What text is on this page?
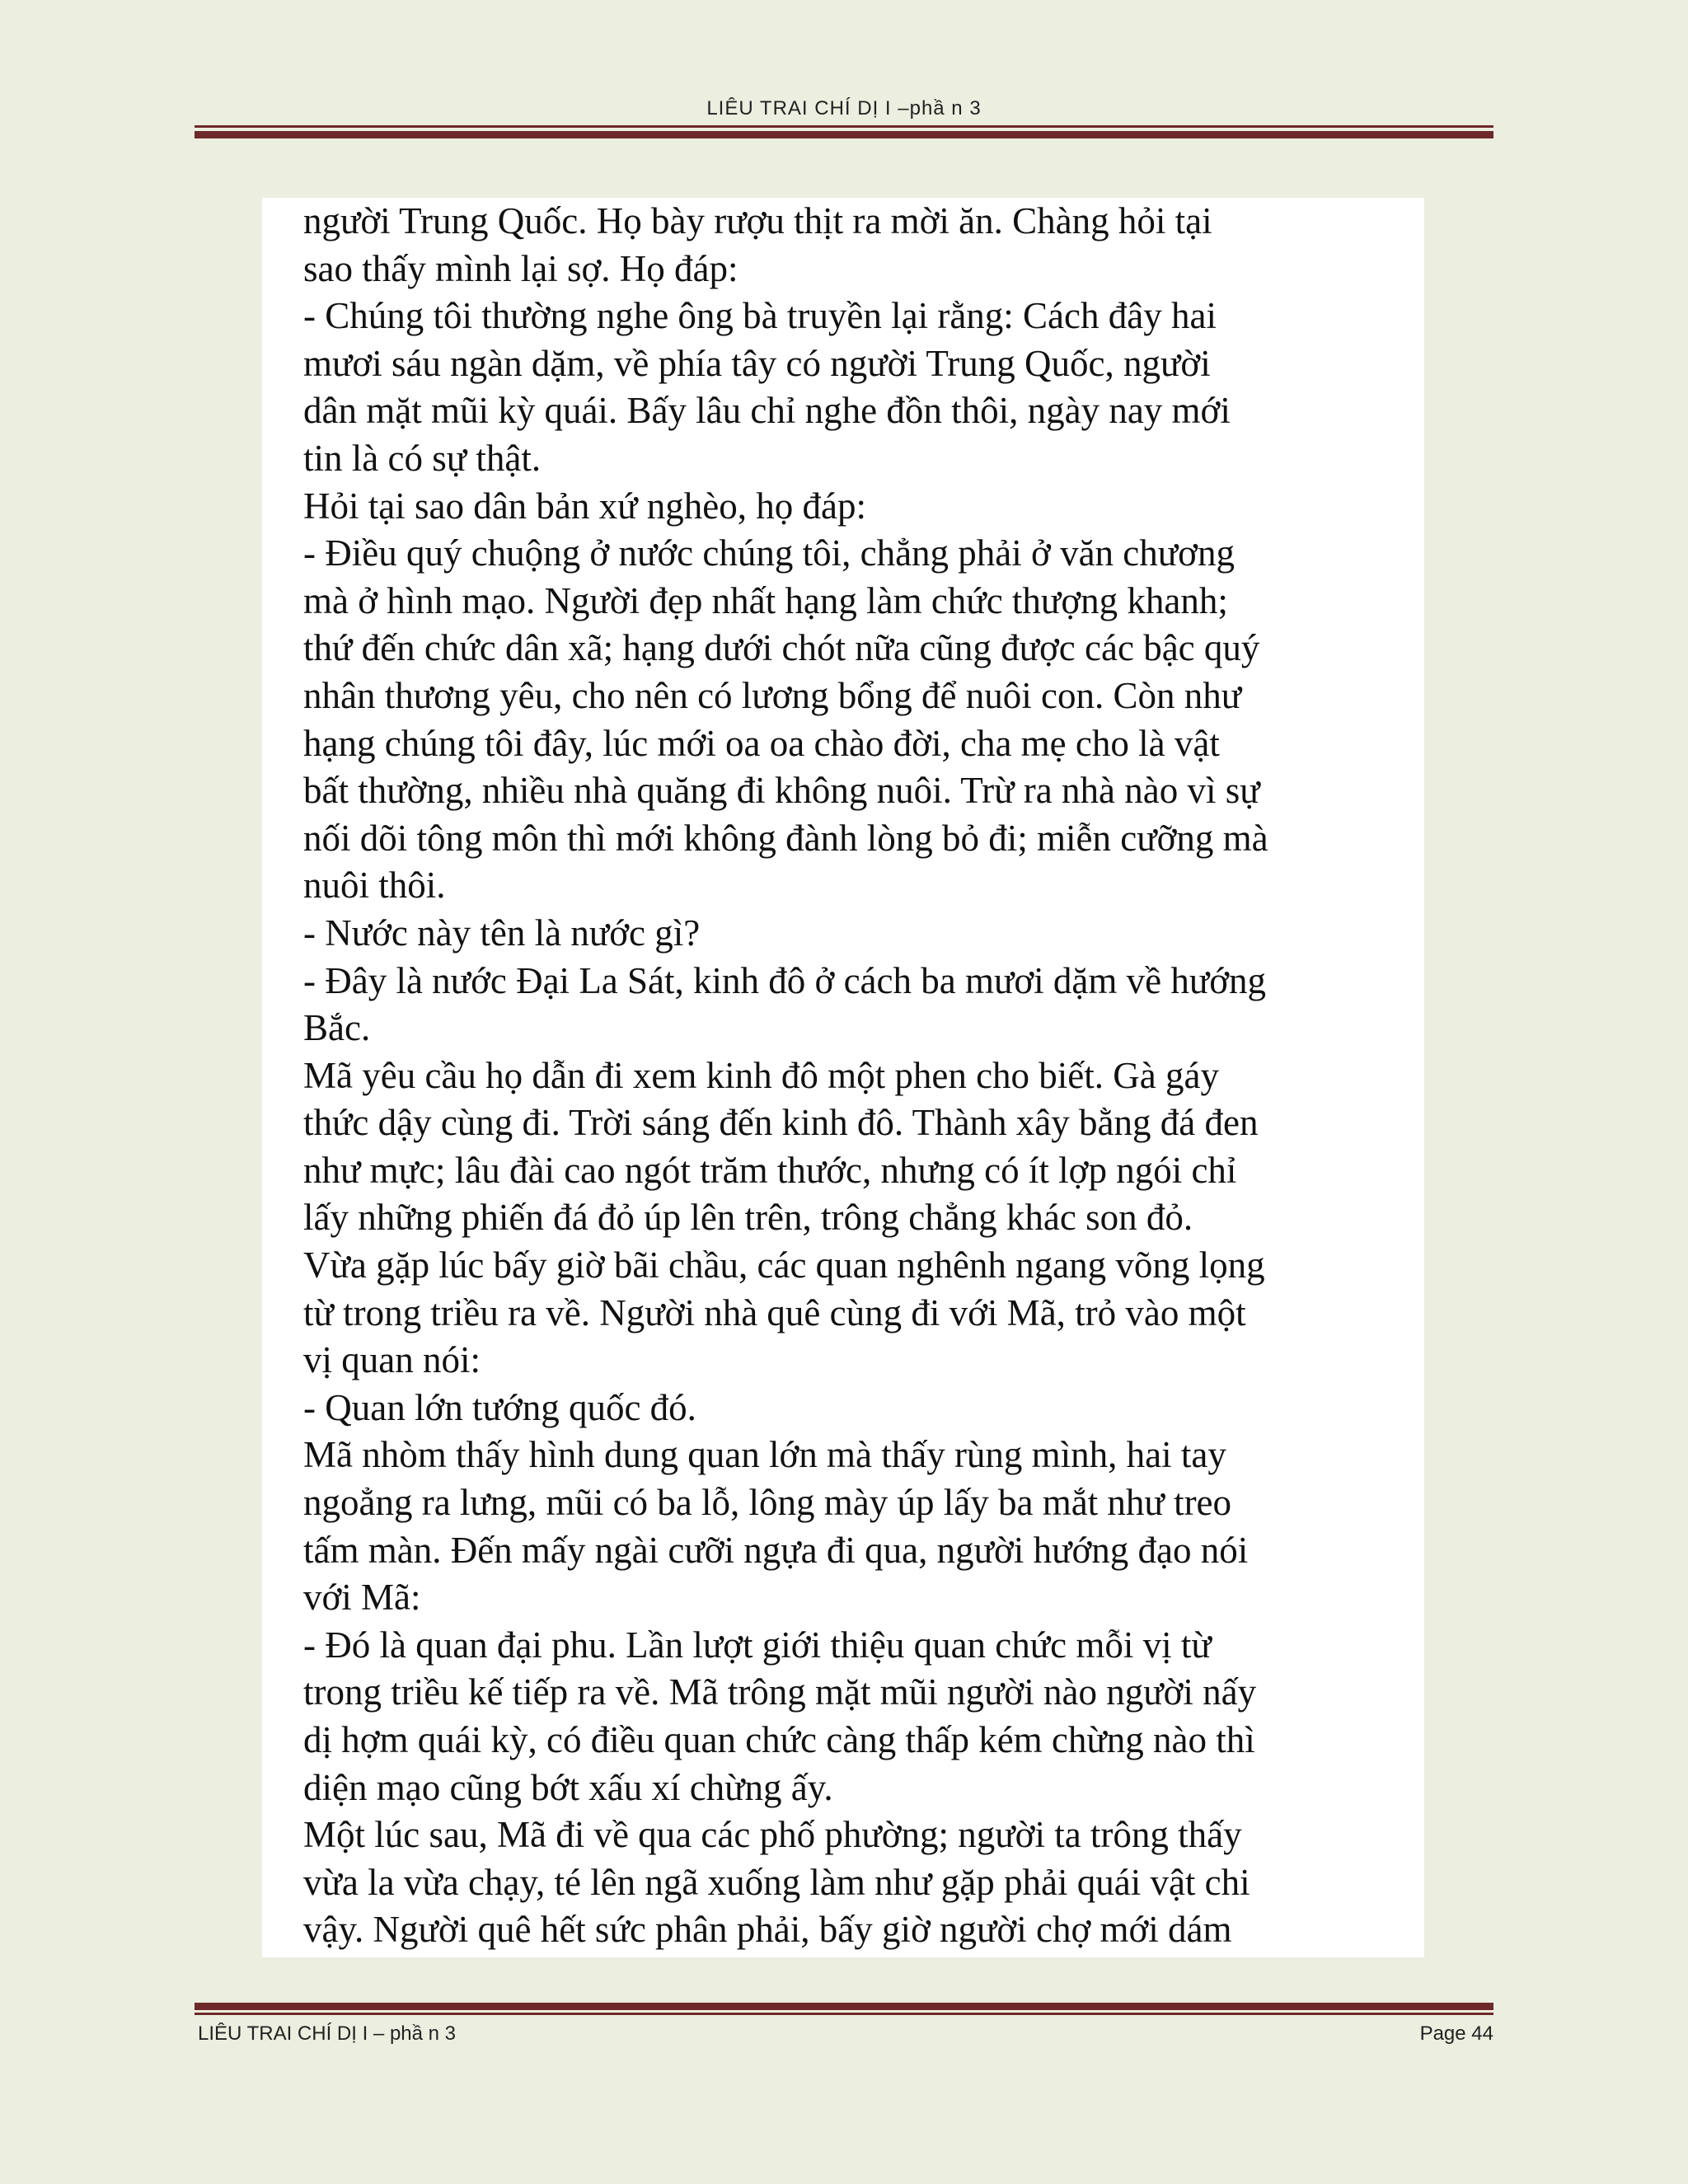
LIÊU TRAI CHÍ DỊ I –phầ n 3
người Trung Quốc. Họ bày rượu thịt ra mời ăn. Chàng hỏi tại
sao thấy mình lại sợ. Họ đáp:
- Chúng tôi thường nghe ông bà truyền lại rằng: Cách đây hai
mươi sáu ngàn dặm, về phía tây có người Trung Quốc, người
dân mặt mũi kỳ quái. Bấy lâu chỉ nghe đồn thôi, ngày nay mới
tin là có sự thật.
Hỏi tại sao dân bản xứ nghèo, họ đáp:
- Điều quý chuộng ở nước chúng tôi, chẳng phải ở văn chương
mà ở hình mạo. Người đẹp nhất hạng làm chức thượng khanh;
thứ đến chức dân xã; hạng dưới chót nữa cũng được các bậc quý
nhân thương yêu, cho nên có lương bổng để nuôi con. Còn như
hạng chúng tôi đây, lúc mới oa oa chào đời, cha mẹ cho là vật
bất thường, nhiều nhà quăng đi không nuôi. Trừ ra nhà nào vì sự
nối dõi tông môn thì mới không đành lòng bỏ đi; miễn cưỡng mà
nuôi thôi.
- Nước này tên là nước gì?
- Đây là nước Đại La Sát, kinh đô ở cách ba mươi dặm về hướng
Bắc.
Mã yêu cầu họ dẫn đi xem kinh đô một phen cho biết. Gà gáy
thức dậy cùng đi. Trời sáng đến kinh đô. Thành xây bằng đá đen
như mực; lâu đài cao ngót trăm thước, nhưng có ít lợp ngói chỉ
lấy những phiến đá đỏ úp lên trên, trông chẳng khác son đỏ.
Vừa gặp lúc bấy giờ bãi chầu, các quan nghênh ngang võng lọng
từ trong triều ra về. Người nhà quê cùng đi với Mã, trỏ vào một
vị quan nói:
- Quan lớn tướng quốc đó.
Mã nhòm thấy hình dung quan lớn mà thấy rùng mình, hai tay
ngoẳng ra lưng, mũi có ba lỗ, lông mày úp lấy ba mắt như treo
tấm màn. Đến mấy ngài cưỡi ngựa đi qua, người hướng đạo nói
với Mã:
- Đó là quan đại phu. Lần lượt giới thiệu quan chức mỗi vị từ
trong triều kế tiếp ra về. Mã trông mặt mũi người nào người nấy
dị hợm quái kỳ, có điều quan chức càng thấp kém chừng nào thì
diện mạo cũng bớt xấu xí chừng ấy.
Một lúc sau, Mã đi về qua các phố phường; người ta trông thấy
vừa la vừa chạy, té lên ngã xuống làm như gặp phải quái vật chi
vậy. Người quê hết sức phân phải, bấy giờ người chợ mới dám
LIÊU TRAI CHÍ DỊ I – phầ n 3	Page 44
